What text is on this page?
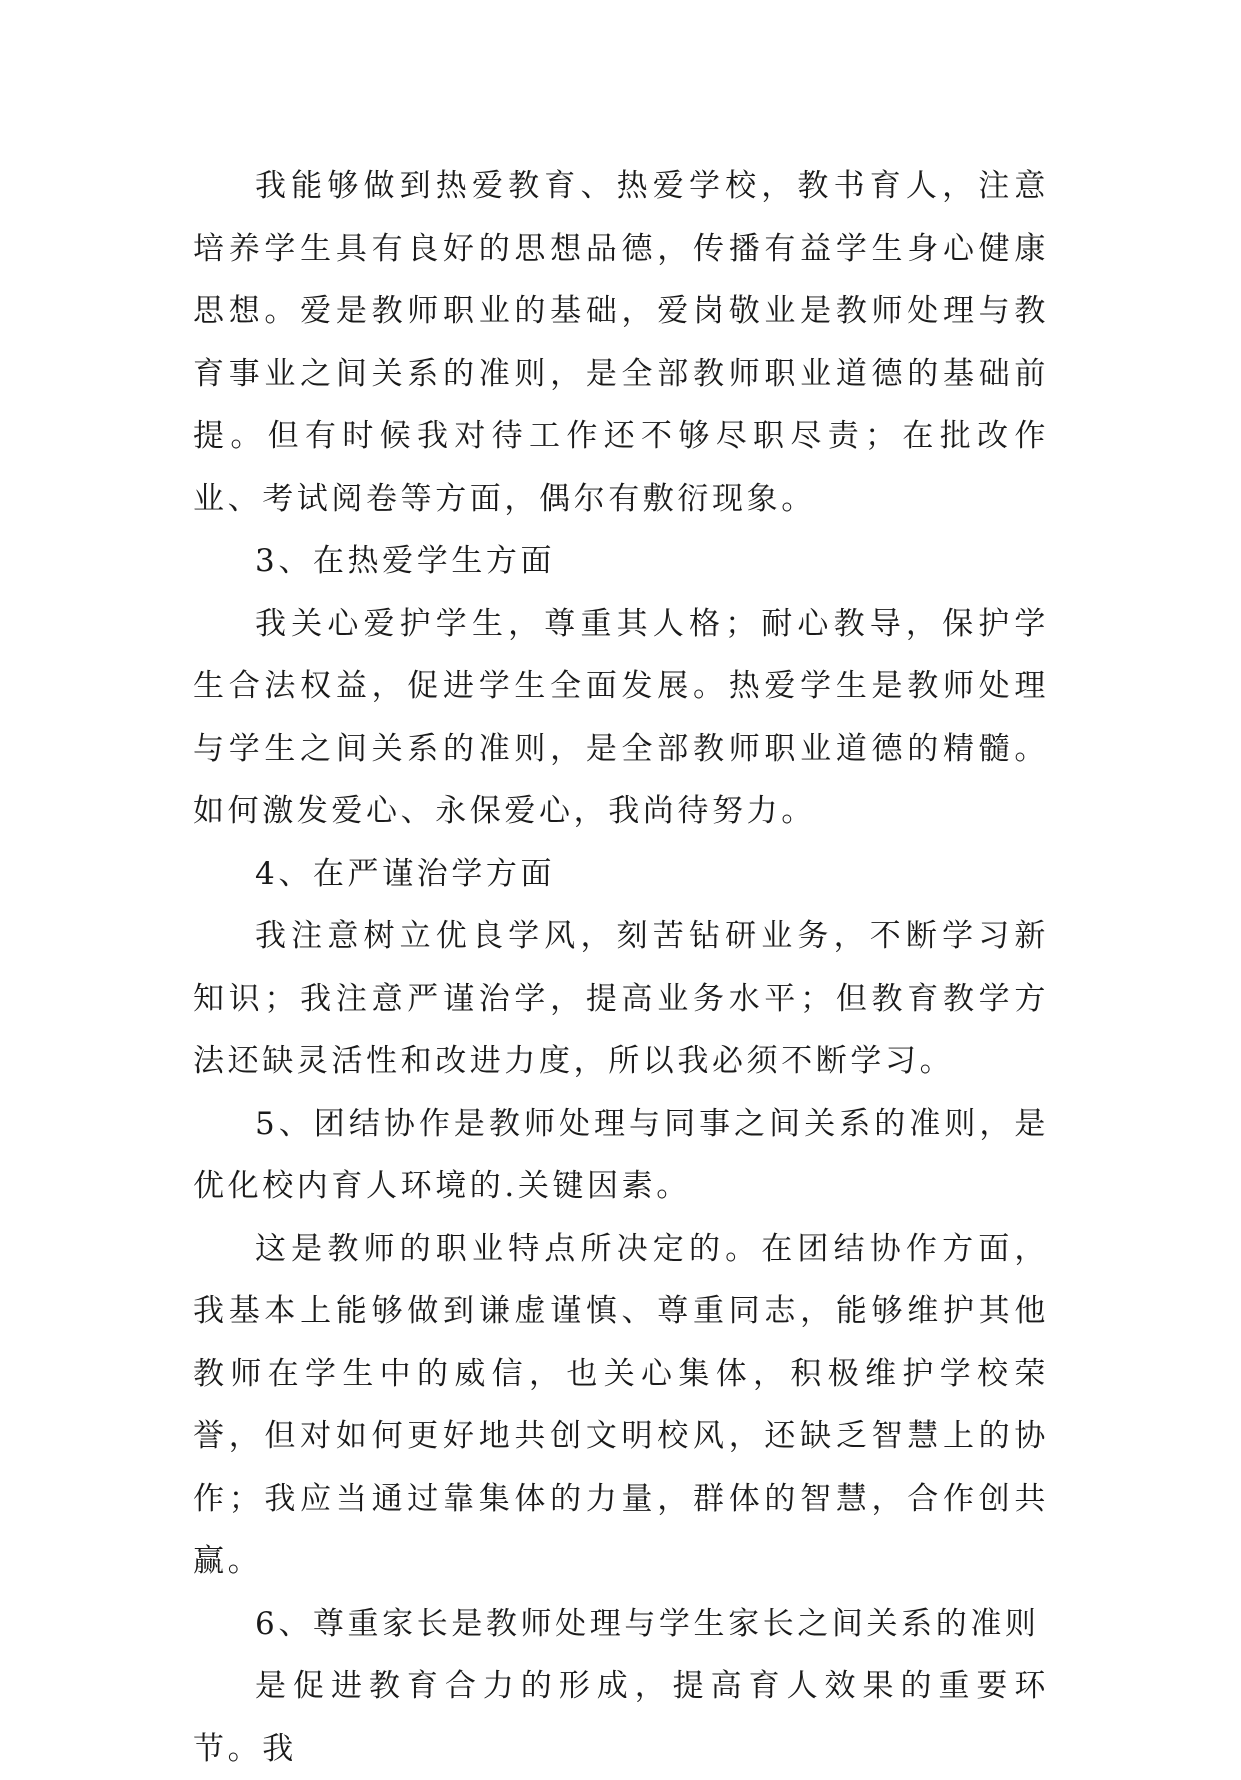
我能够做到热爱教育、热爱学校，教书育人，注意培养学生具有良好的思想品德，传播有益学生身心健康思想。爱是教师职业的基础，爱岗敬业是教师处理与教育事业之间关系的准则，是全部教师职业道德的基础前提。但有时候我对待工作还不够尽职尽责；在批改作业、考试阅卷等方面，偶尔有敷衍现象。

3、在热爱学生方面

我关心爱护学生，尊重其人格；耐心教导，保护学生合法权益，促进学生全面发展。热爱学生是教师处理与学生之间关系的准则，是全部教师职业道德的精髓。如何激发爱心、永保爱心，我尚待努力。

4、在严谨治学方面

我注意树立优良学风，刻苦钻研业务，不断学习新知识；我注意严谨治学，提高业务水平；但教育教学方法还缺灵活性和改进力度，所以我必须不断学习。

5、团结协作是教师处理与同事之间关系的准则，是优化校内育人环境的.关键因素。

这是教师的职业特点所决定的。在团结协作方面，我基本上能够做到谦虚谨慎、尊重同志，能够维护其他教师在学生中的威信，也关心集体，积极维护学校荣誉，但对如何更好地共创文明校风，还缺乏智慧上的协作；我应当通过靠集体的力量，群体的智慧，合作创共赢。

6、尊重家长是教师处理与学生家长之间关系的准则

是促进教育合力的形成，提高育人效果的重要环节。我
